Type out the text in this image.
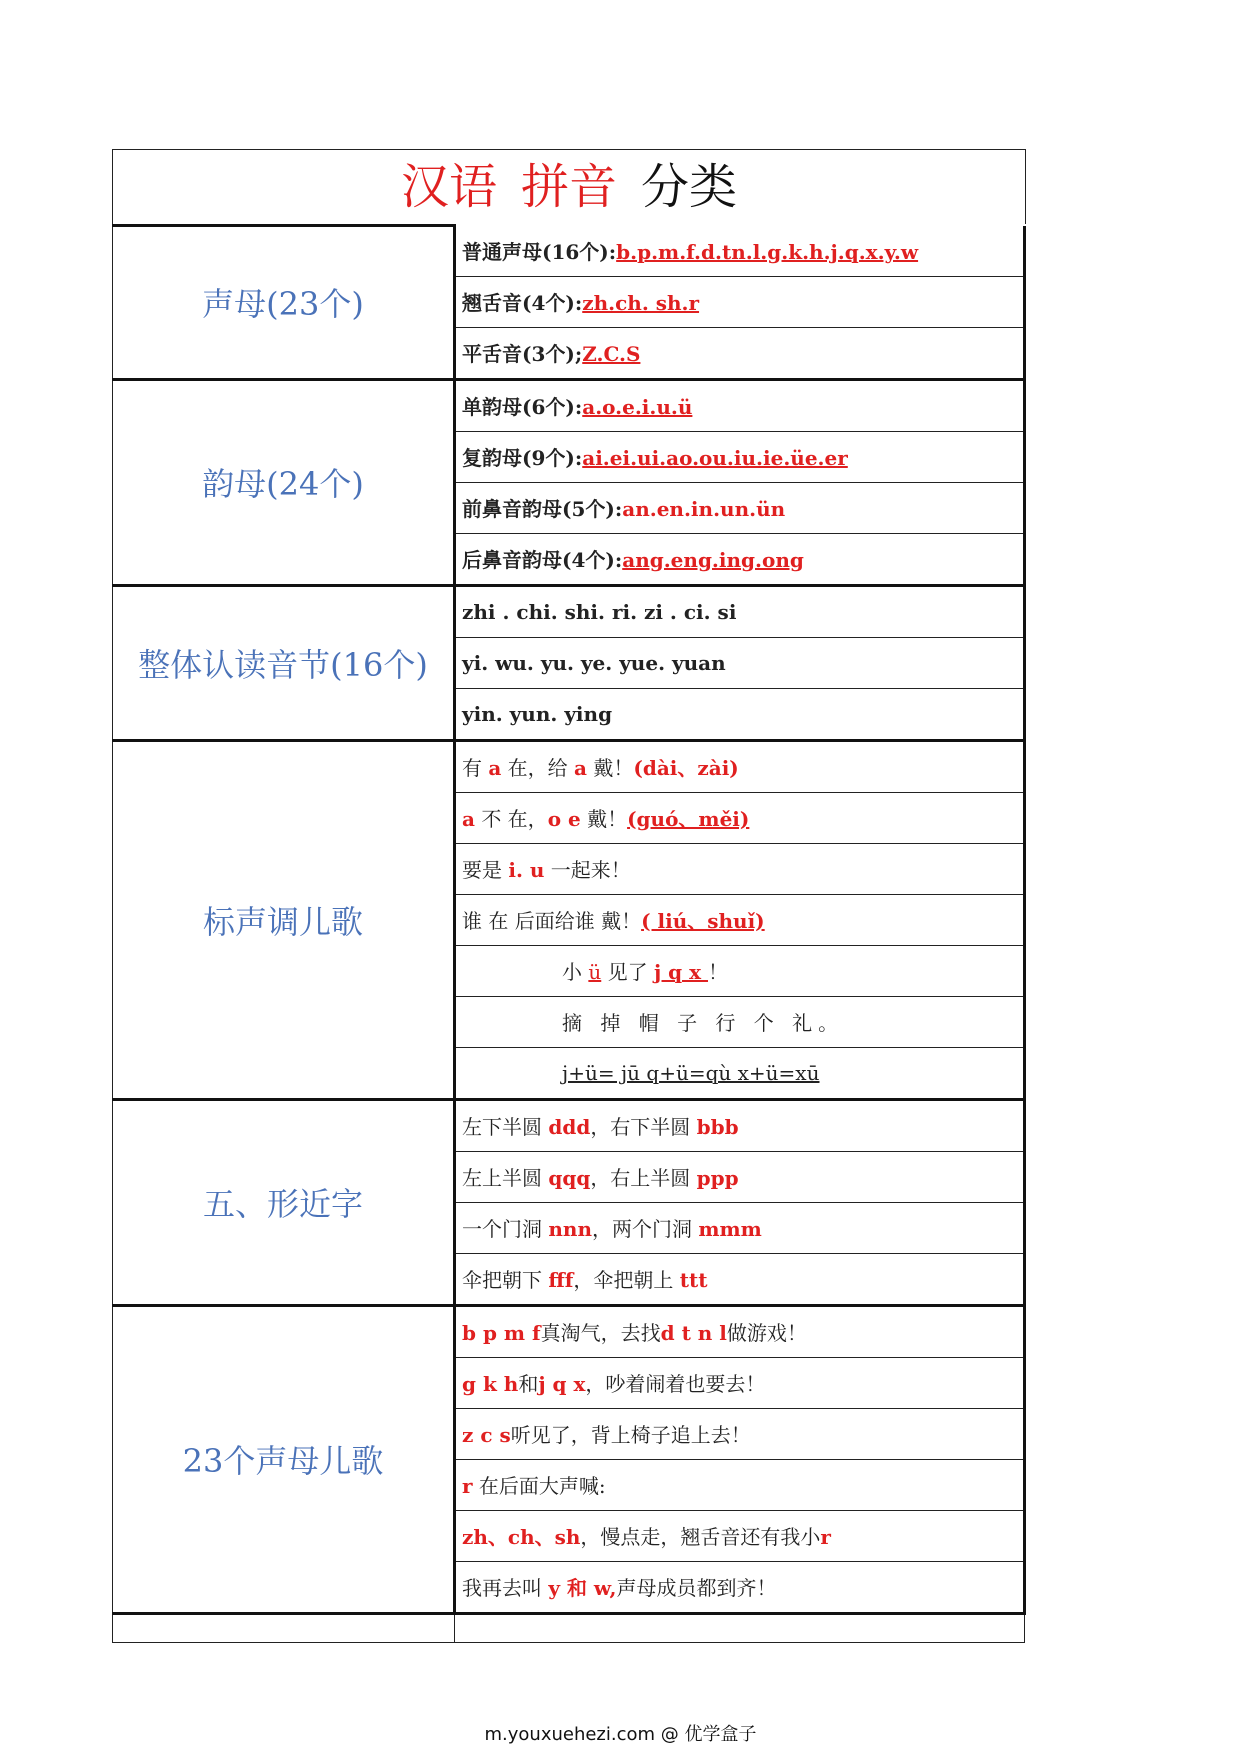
汉语 拼音 分类
声母(23个)	普通声母(16个):b.p.m.f.d.tn.l.g.k.h.j.q.x.y.w
	翘舌音(4个):zh.ch. sh.r
	平舌音(3个);Z.C.S
韵母(24个)	单韵母(6个):a.o.e.i.u.ü
	复韵母(9个):ai.ei.ui.ao.ou.iu.ie.üe.er
	前鼻音韵母(5个):an.en.in.un.ün
	后鼻音韵母(4个):ang.eng.ing.ong
整体认读音节(16个)	zhi . chi. shi. ri. zi . ci. si
	yi. wu. yu. ye. yue. yuan
	yin. yun. ying
标声调儿歌	有 a 在，给 a 戴！(dài、zài)
	a 不 在，o e 戴！(guó、měi)
	要是 i. u 一起来！
	谁 在 后面给谁 戴！( liú、shuǐ)
	小 ü 见了 j q x ！
	摘 掉 帽 子 行 个 礼。
	j+ü= jū q+ü=qù x+ü=xū
五、形近字	左下半圆 ddd，右下半圆 bbb
	左上半圆 qqq，右上半圆 ppp
	一个门洞 nnn，两个门洞 mmm
	伞把朝下 fff，伞把朝上 ttt
23个声母儿歌	b p m f真淘气，去找d t n l做游戏！
	g k h和j q x，吵着闹着也要去！
	z c s听见了，背上椅子追上去！
	r 在后面大声喊:
	zh、ch、sh，慢点走，翘舌音还有我小r
	我再去叫 y 和 w,声母成员都到齐！

m.youxuehezi.com @ 优学盒子
